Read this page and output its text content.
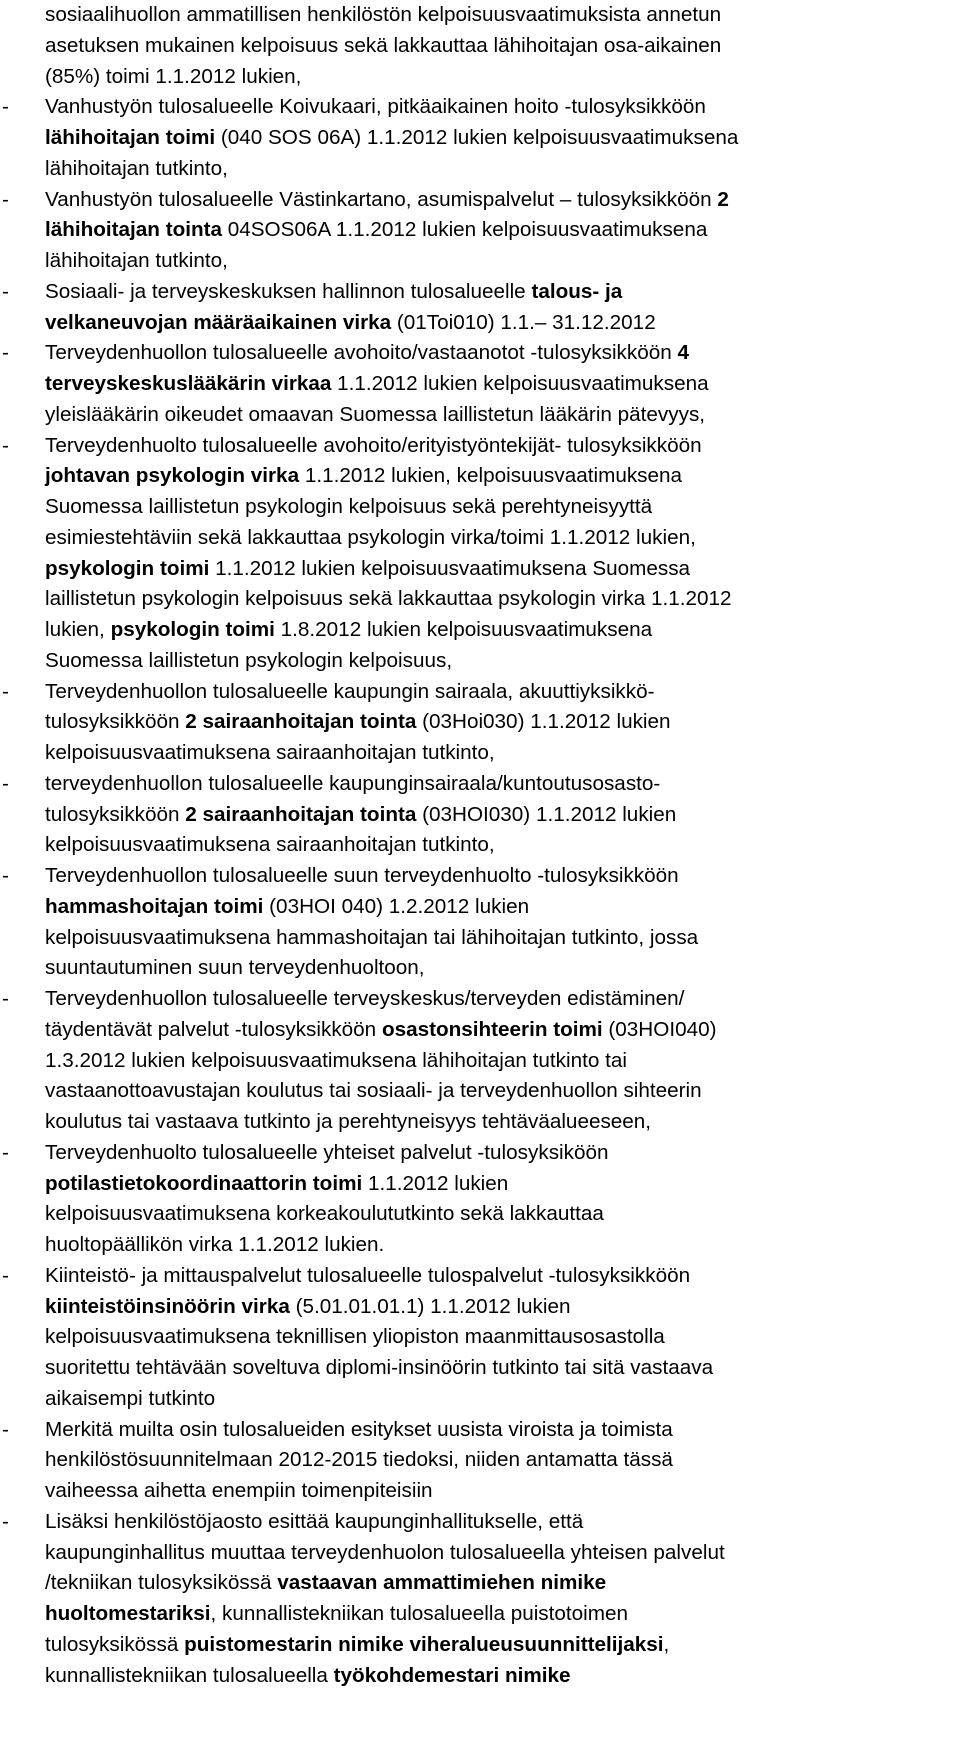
sosiaalihuollon ammatillisen henkilöstön kelpoisuusvaatimuksista annetun
asetuksen mukainen kelpoisuus sekä lakkauttaa lähihoitajan osa-aikainen
(85%) toimi 1.1.2012 lukien,
- Vanhustyön tulosalueelle Koivukaari, pitkäaikainen hoito -tulosyksikköön
lähihoitajan toimi (040 SOS 06A) 1.1.2012 lukien kelpoisuusvaatimuksena
lähihoitajan tutkinto,
- Vanhustyön tulosalueelle Västinkartano, asumispalvelut – tulosyksikköön 2
lähihoitajan tointa 04SOS06A 1.1.2012 lukien kelpoisuusvaatimuksena
lähihoitajan tutkinto,
- Sosiaali- ja terveyskeskuksen hallinnon tulosalueelle talous- ja
velkaneuvojan määräaikainen virka (01Toi010) 1.1.– 31.12.2012
- Terveydenhuollon tulosalueelle avohoito/vastaanotot -tulosyksikköön 4
terveyskeskuslääkärin virkaa 1.1.2012 lukien kelpoisuusvaatimuksena
yleislääkärin oikeudet omaavan Suomessa laillistetun lääkärin pätevyys,
- Terveydenhuolto tulosalueelle avohoito/erityistyöntekijät- tulosyksikköön
johtavan psykologin virka 1.1.2012 lukien, kelpoisuusvaatimuksena
Suomessa laillistetun psykologin kelpoisuus sekä perehtyneisyyttä
esimiestehtäviin sekä lakkauttaa psykologin virka/toimi 1.1.2012 lukien,
psykologin toimi 1.1.2012 lukien kelpoisuusvaatimuksena Suomessa
laillistetun psykologin kelpoisuus sekä lakkauttaa psykologin virka 1.1.2012
lukien, psykologin toimi 1.8.2012 lukien kelpoisuusvaatimuksena
Suomessa laillistetun psykologin kelpoisuus,
- Terveydenhuollon tulosalueelle kaupungin sairaala, akuuttiyksikkö-
tulosyksikköön 2 sairaanhoitajan tointa (03Hoi030) 1.1.2012 lukien
kelpoisuusvaatimuksena sairaanhoitajan tutkinto,
- terveydenhuollon tulosalueelle kaupunginsairaala/kuntoutusosasto-
tulosyksikköön 2 sairaanhoitajan tointa (03HOI030) 1.1.2012 lukien
kelpoisuusvaatimuksena sairaanhoitajan tutkinto,
- Terveydenhuollon tulosalueelle suun terveydenhuolto -tulosyksikköön
hammashoitajan toimi (03HOI 040) 1.2.2012 lukien
kelpoisuusvaatimuksena hammashoitajan tai lähihoitajan tutkinto, jossa
suuntautuminen suun terveydenhuoltoon,
- Terveydenhuollon tulosalueelle terveyskeskus/terveyden edistäminen/
täydentävät palvelut -tulosyksikköön osastonsihteerin toimi (03HOI040)
1.3.2012 lukien kelpoisuusvaatimuksena lähihoitajan tutkinto tai
vastaanottoavustajan koulutus tai sosiaali- ja terveydenhuollon sihteerin
koulutus tai vastaava tutkinto ja perehtyneisyys tehtäväalueeseen,
- Terveydenhuolto tulosalueelle yhteiset palvelut -tulosyksiköön
potilastietokoordinaattorin toimi 1.1.2012 lukien
kelpoisuusvaatimuksena korkeakoulututkinto sekä lakkauttaa
huoltopäällikön virka 1.1.2012 lukien.
- Kiinteistö- ja mittauspalvelut tulosalueelle tulospalvelut -tulosyksikköön
kiinteistöinsinöörin virka (5.01.01.01.1) 1.1.2012 lukien
kelpoisuusvaatimuksena teknillisen yliopiston maanmittausosastolla
suoritettu tehtävään soveltuva diplomi-insinöörin tutkinto tai sitä vastaava
aikaisempi tutkinto
- Merkitä muilta osin tulosalueiden esitykset uusista viroista ja toimista
henkilöstösuunnitelmaan 2012-2015 tiedoksi, niiden antamatta tässä
vaiheessa aihetta enempiin toimenpiteisiin
- Lisäksi henkilöstöjaosto esittää kaupunginhallitukselle, että
kaupunginhallitus muuttaa terveydenhuolon tulosalueella yhteisen palvelut
/tekniikan tulosyksikössä vastaavan ammattimiehen nimike
huoltomestariksi, kunnallistekniikan tulosalueella puistotoimen
tulosyksikössä puistomestarin nimike viheralueusuunnittelijaksi,
kunnallistekniikan tulosalueella työkohdemestari nimike
